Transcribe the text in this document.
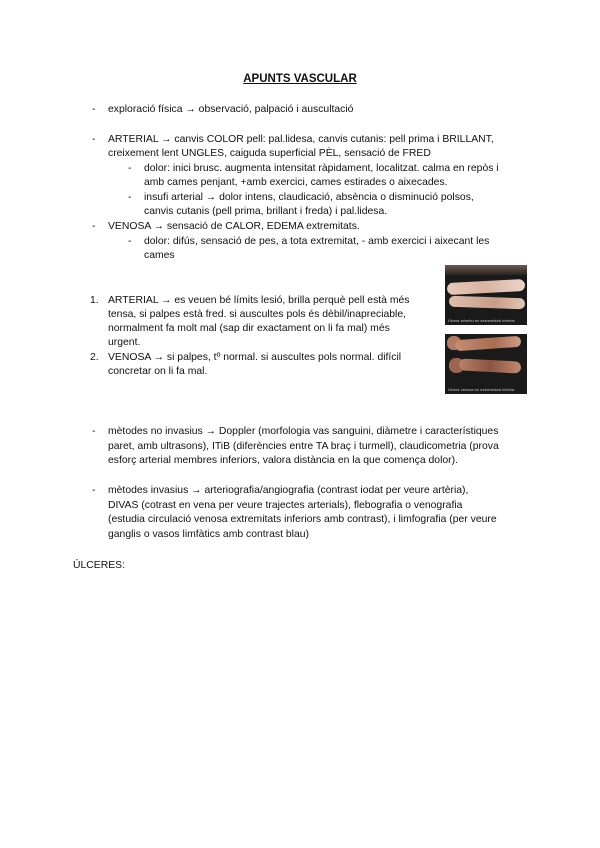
APUNTS VASCULAR
-	exploració física → observació, palpació i auscultació
-	ARTERIAL → canvis COLOR pell: pal.lidesa, canvis cutanis: pell prima i BRILLANT,
creixement lent UNGLES, caiguda superficial PÈL, sensació de FRED
-	dolor: inici brusc. augmenta intensitat ràpidament, localitzat. calma en repòs i
amb cames penjant, +amb exercici, cames estirades o aixecades.
-	insufi arterial → dolor intens, claudicació, absència o disminució polsos,
canvis cutanis (pell prima, brillant i freda) i pal.lidesa.
-	VENOSA → sensació de CALOR, EDEMA extremitats.
-	dolor: difús, sensació de pes, a tota extremitat, - amb exercici i aixecant les
cames
1. ARTERIAL → es veuen bé límits lesió, brilla perquè pell està més
tensa, si palpes està fred. si auscultes pols és dèbil/inapreciable,
normalment fa molt mal (sap dir exactament on li fa mal) més
urgent.
2. VENOSA → si palpes, tº normal. si auscultes pols normal. difícil
concretar on li fa mal.
Úlcera arterial en extremidad inferior
Úlcera venosa en extremidad inferior
-	mètodes no invasius → Doppler (morfologia vas sanguini, diàmetre i característiques
paret, amb ultrasons), ITiB (diferències entre TA braç i turmell), claudicometria (prova
esforç arterial membres inferiors, valora distància en la que comença dolor).
-	mètodes invasius → arteriografia/angiografia (contrast iodat per veure artèria),
DIVAS (cotrast en vena per veure trajectes arterials), flebografia o venografia
(estudia circulació venosa extremitats inferiors amb contrast), i limfografia (per veure
ganglis o vasos limfàtics amb contrast blau)
ÚLCERES:
